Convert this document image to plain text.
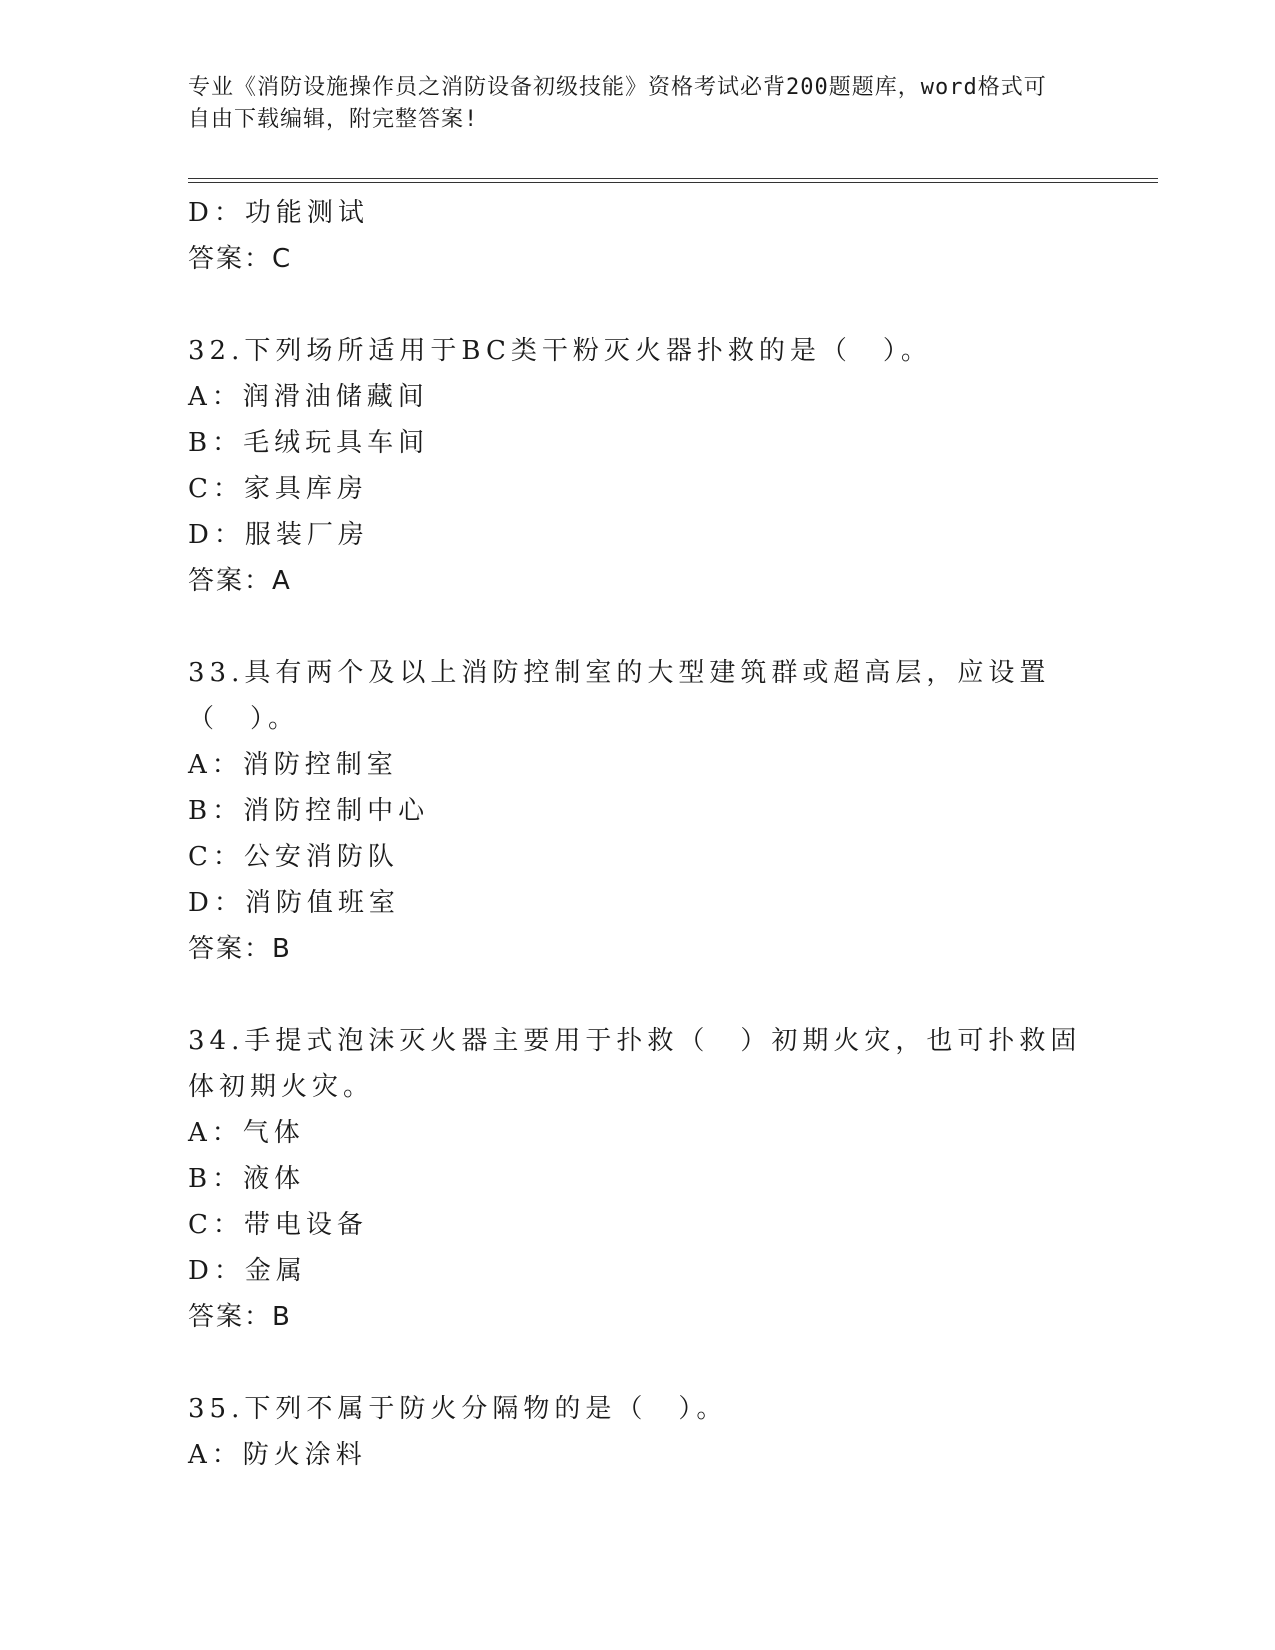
专业《消防设施操作员之消防设备初级技能》资格考试必背200题题库，word格式可自由下载编辑，附完整答案!
D：功能测试
答案：C
32.下列场所适用于BC类干粉灭火器扑救的是（　）。
A：润滑油储藏间
B：毛绒玩具车间
C：家具库房
D：服装厂房
答案：A
33.具有两个及以上消防控制室的大型建筑群或超高层，应设置（　）。
A：消防控制室
B：消防控制中心
C：公安消防队
D：消防值班室
答案：B
34.手提式泡沫灭火器主要用于扑救（　）初期火灾，也可扑救固体初期火灾。
A：气体
B：液体
C：带电设备
D：金属
答案：B
35.下列不属于防火分隔物的是（　）。
A：防火涂料
